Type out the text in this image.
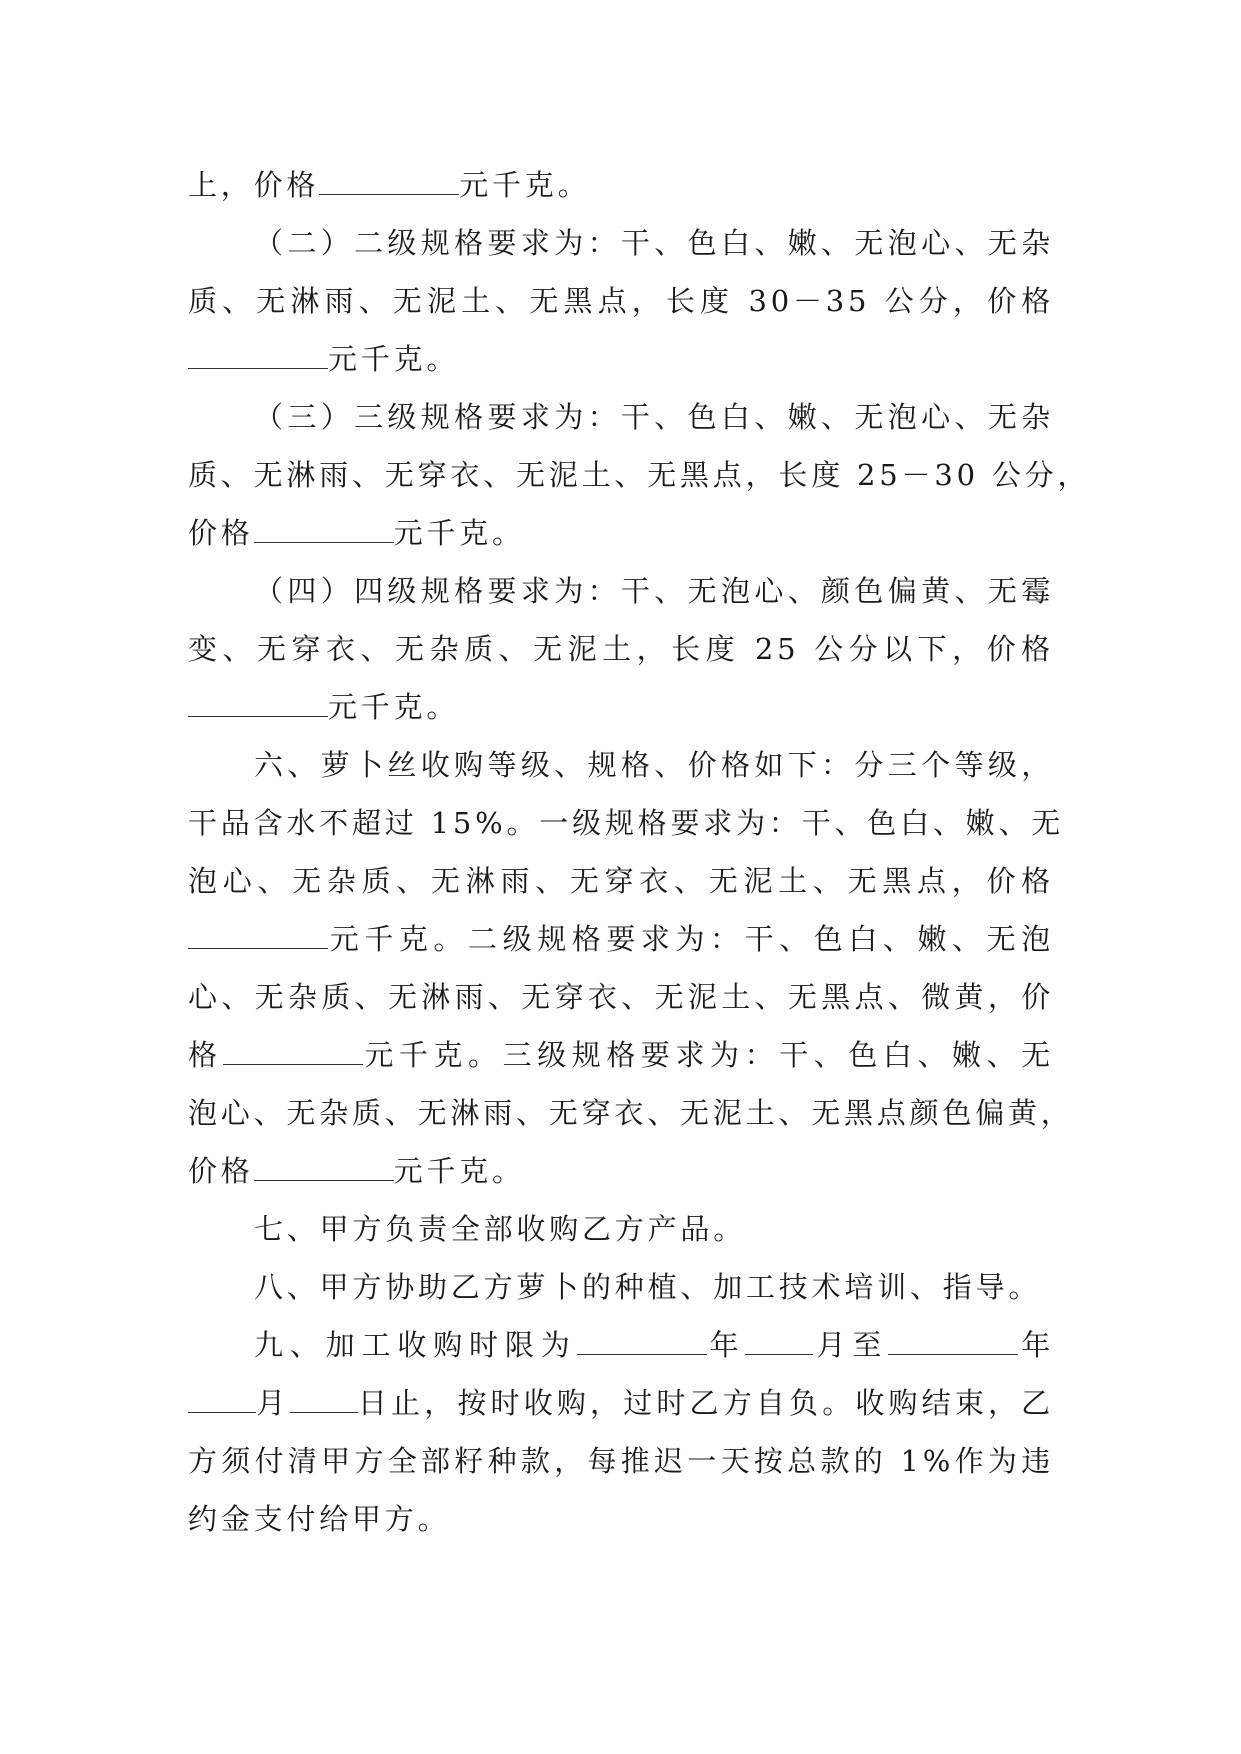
上，价格	元千克。
（二）二级规格要求为：干、色白、嫩、无泡心、无杂
质、无淋雨、无泥土、无黑点，长度 30－35 公分，价格
元千克。
（三）三级规格要求为：干、色白、嫩、无泡心、无杂
质、无淋雨、无穿衣、无泥土、无黑点，长度 25－30 公分，
价格	元千克。
（四）四级规格要求为：干、无泡心、颜色偏黄、无霉
变、无穿衣、无杂质、无泥土，长度 25 公分以下，价格
元千克。
六、萝卜丝收购等级、规格、价格如下：分三个等级，
干品含水不超过 15%。一级规格要求为：干、色白、嫩、无
泡心、无杂质、无淋雨、无穿衣、无泥土、无黑点，价格
元千克。二级规格要求为：干、色白、嫩、无泡
心、无杂质、无淋雨、无穿衣、无泥土、无黑点、微黄，价
格	元千克。三级规格要求为：干、色白、嫩、无
泡心、无杂质、无淋雨、无穿衣、无泥土、无黑点颜色偏黄，
价格	元千克。
七、甲方负责全部收购乙方产品。
八、甲方协助乙方萝卜的种植、加工技术培训、指导。
九、加工收购时限为	年 月至	年
月 日止，按时收购，过时乙方自负。收购结束，乙
方须付清甲方全部籽种款，每推迟一天按总款的 1%作为违
约金支付给甲方。
